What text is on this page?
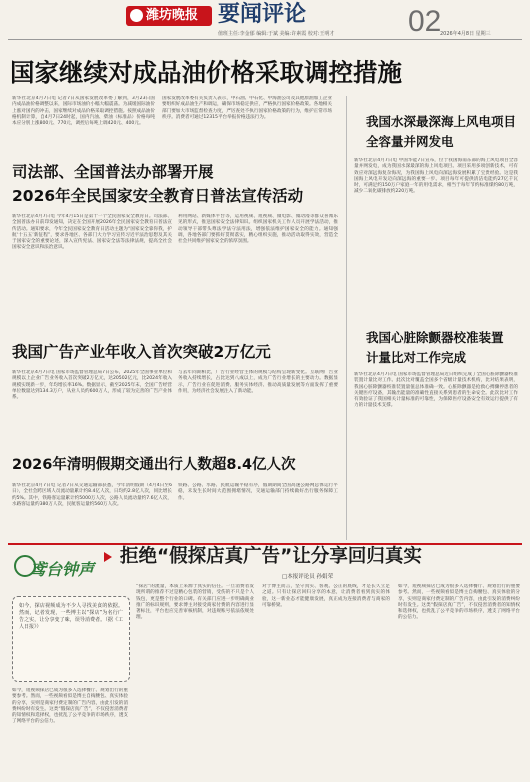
潍坊晚报 要闻评论	02
值班主任:李金郁 编辑:于斌 美编:许素霞 校对:王明才	2026年4月8日 星期三
国家继续对成品油价格采取调控措施
新华社北京4月7日电 记者7日从国家发展改革委了解到，3月23日国内成品油价格调整以来，国际市场油价小幅大幅震荡。为减缓国际油价上涨对国内的冲击，国家继续对成品价格采取调控措施。按照成品油价格机制计算，自4月7日24时起，国内汽油、柴油（标准品）价格每吨本应分别上涨800元、770元，调控后每吨上调420元、400元。
国家发展改革委有关负责人表示，中石油、中石化、中海油公司及其他原油加工企业要组织好成品油生产和调运，确保市场稳定供应，严格执行国家价格政策。各地相关部门要加大市场监督检查力度，严厉查处不执行国家价格政策的行为，维护正常市场秩序。消费者可通过12315平台举报价格违法行为。
司法部、全国普法办部署开展
2026年全民国家安全教育日普法宣传活动
新华社北京4月7日电 今年4月15日是第十一个全民国家安全教育日。司法部、全国普法办日前印发通知，决定在全国开展2026年全民国家安全教育日普法宣传活动。通知要求，今年全民国家安全教育日活动主题为“国家安全靠你我，护航‘十五五’新征程”，要求各地区、各部门大力学习宣传习近平法治思想及其关于国家安全的重要论述，深入宣传宪法、国家安全法等法律法规，提高全社会国家安全意识和法治意识。
利用网站、新媒体平台等，运用视频、短视频、微电影、微动漫等群众喜闻乐见的形式，推送国家安全法律知识。组织国家机关工作人员开展学法活动，推动领导干部带头尊法学法守法用法，增强依法维护国家安全的能力。通知强调，各地各部门要抓好贯彻落实，精心组织实施，推动活动取得实效，营造全社会共同维护国家安全的浓厚氛围。
我国广告产业年收入首次突破2万亿元
新华社北京4月7日电 国家市场监督管理总局7日公布，2025年全国事业单位和规模以上企业广告业务收入首次突破2万亿元，达20502亿元，比2024年收入规模实现新一步，年均增长率16%。数据显示，截至2025年末，全国广告经营单位数量达到134.3万户，从业人员约600万人，形成了较为完善的广告产业体系。
与去年同期相比，广告行业经营主体的规模与结构呈现新变化。互联网广告业务收入持续增长，占比达到八成以上，成为广告行业增长的主要动力。数据显示，广告行业在促进消费、服务实体经济、推动高质量发展等方面发挥了重要作用，为经济社会发展注入了新动能。
2026年清明假期交通出行人数超8.4亿人次
新华社北京4月7日电 记者7日从交通运输部获悉，今年清明假期（4月4日至6日），全社会跨区域人员流动量累计约8.4亿人次，日均约2.8亿人次，同比增长约5%。其中，铁路客运量累计约5000万人次，公路人员流动量约7.6亿人次，水路客运量约380万人次，民航客运量约560万人次。
铁路、公路、水路、民航运输平稳有序，假期期间全国高速公路网总体运行平稳，未发生长时间大范围拥堵情况，交通运输部门持续做好出行服务保障工作。
我国水深最深海上风电项目
全容量并网发电
新华社北京4月7日电 中国华能7日宣布，位于我国海南东部的海上风电项目全容量并网发电，成为我国水深最深的海上风电项目。项目采用多项创新技术，可有效应对深远海复杂海况，为我国海上风电向深远海发展积累了宝贵经验。这是我国海上风电开发迈向深远海的重要一步。项目每年可提供清洁电能约27亿千瓦时，可满足约150万户家庭一年的用电需求，相当于每年节约标准煤约80万吨，减少二氧化碳排放约220万吨。
我国心脏除颤器校准装置
计量比对工作完成
新华社北京4月7日电 国家市场监督管理总局近日组织完成了全国心脏除颤器校准装置计量比对工作。此次比对覆盖全国多个省级计量技术机构，比对结果表明，我国心脏除颤器校准装置量值总体准确一致。心脏除颤器是抢救心搏骤停患者的关键医疗设备，其输出能量的准确性直接关系到患者的生命安全。此次比对工作有效验证了我国相关计量标准的可靠性，为保障医疗设备安全有效运行提供了有力的计量技术支撑。
鸢台钟声
拒绝“假探店真广告”让分享回归真实
□本报评论员 孙娟荣
如今，探店视频成为不少人寻找美食的依据。然而，记者发现，一些博主以“探店”为名行广告之实，让分享变了味，误导消费者。（据《工人日报》）
如今，短视频探店已成为很多人选择餐厅、规划出行的重要参考。然而，一些视频看似是博主自掏腰包、真实体验的分享，实则是商家付费定制的广告内容，由此引发的消费纠纷时有发生。这类“假探店真广告”，不仅侵害消费者的知情权和选择权，也扰乱了公平竞争的市场秩序，透支了网络平台的公信力。
“探店”的流量，本质上来源于真实的信任。一旦消费者发现所谓的推荐不过是精心包装的营销，受伤的不只是个人钱包，更是整个行业的口碑。有关部门应进一步明确商业推广的标识规则，要求博主对接受商家付费的内容进行显著标注，平台也应完善审核机制，对违规账号依法依规处理。
对于博主而言，坚守真实、客观、公正的底线，才是长久立足之道。只有让探店回归分享的本意，让消费者看到真实的体验，这一新业态才能健康发展，真正成为连接消费者与商家的可靠桥梁。
如今，短视频探店已成为很多人选择餐厅、规划出行的重要参考。然而，一些视频看似是博主自掏腰包、真实体验的分享，实则是商家付费定制的广告内容，由此引发的消费纠纷时有发生。这类“假探店真广告”，不仅侵害消费者的知情权和选择权，也扰乱了公平竞争的市场秩序，透支了网络平台的公信力。
